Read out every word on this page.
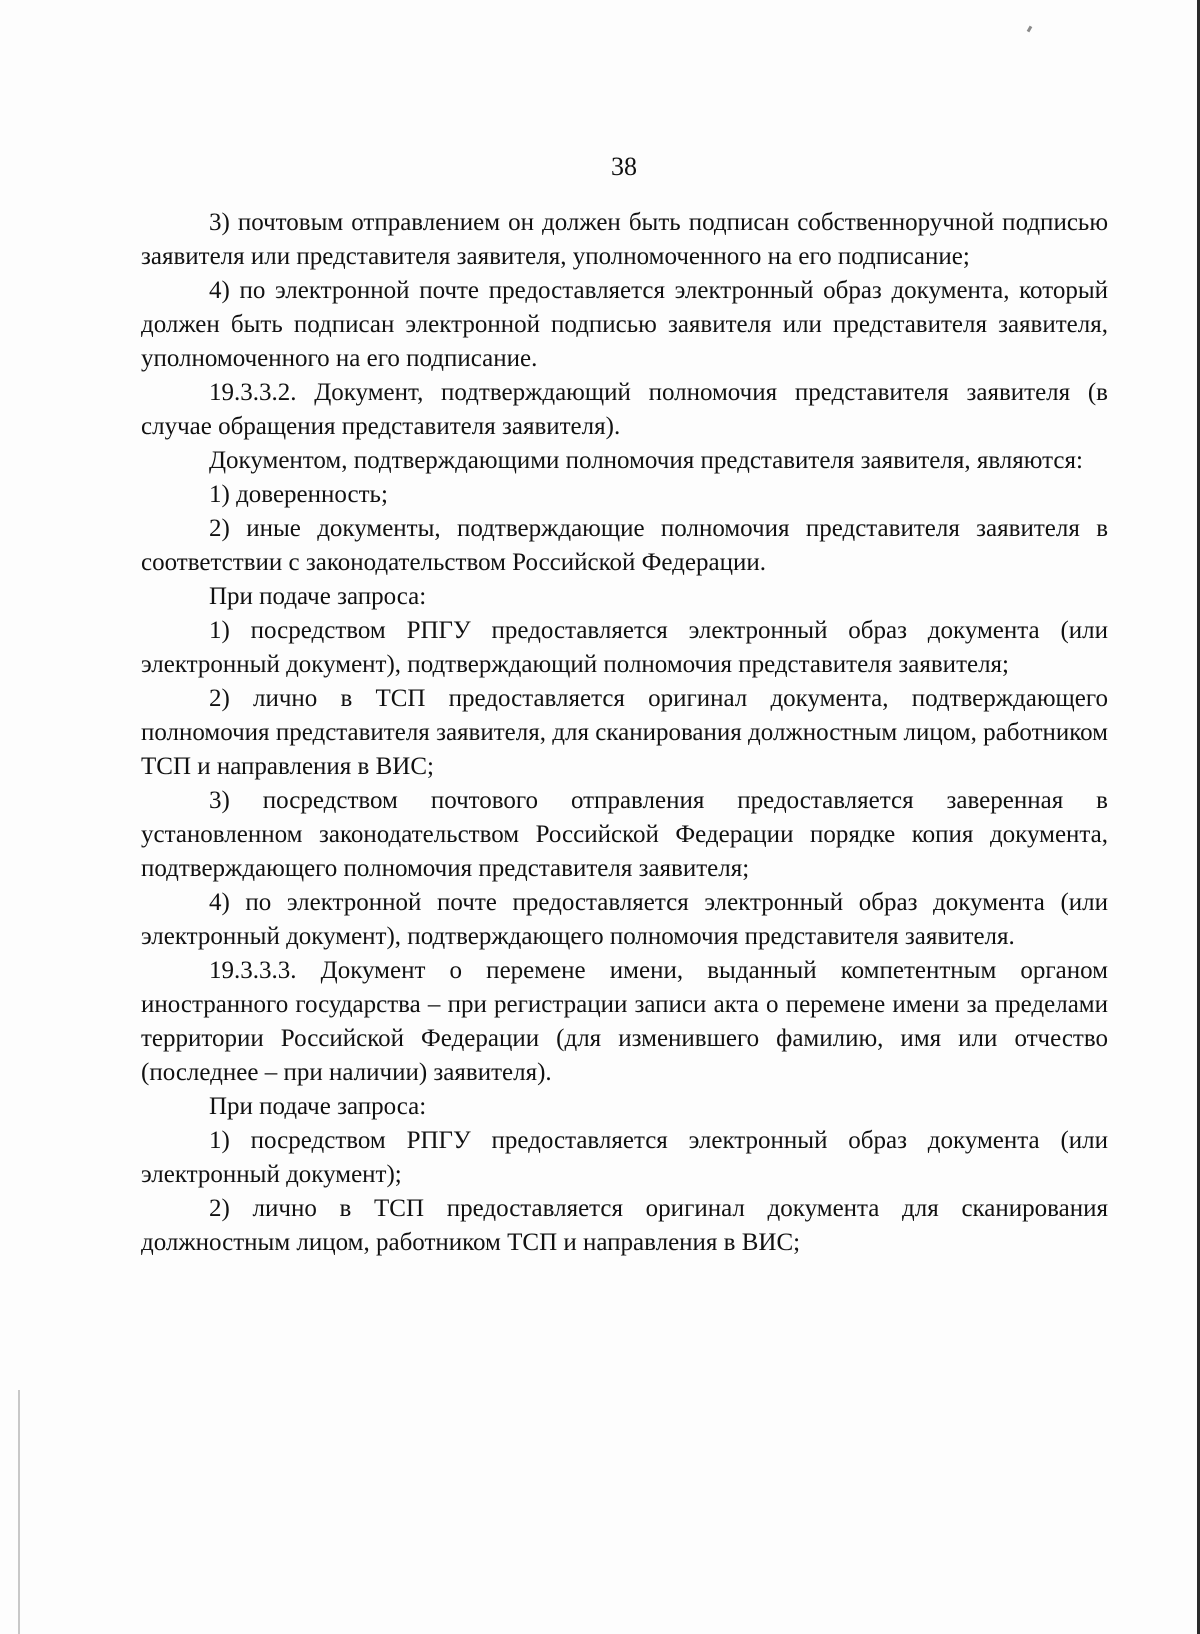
38

3) почтовым отправлением он должен быть подписан собственноручной подписью заявителя или представителя заявителя, уполномоченного на его подписание;

4) по электронной почте предоставляется электронный образ документа, который должен быть подписан электронной подписью заявителя или представителя заявителя, уполномоченного на его подписание.

19.3.3.2. Документ, подтверждающий полномочия представителя заявителя (в случае обращения представителя заявителя).

Документом, подтверждающими полномочия представителя заявителя, являются:

1) доверенность;

2) иные документы, подтверждающие полномочия представителя заявителя в соответствии с законодательством Российской Федерации.

При подаче запроса:

1) посредством РПГУ предоставляется электронный образ документа (или электронный документ), подтверждающий полномочия представителя заявителя;

2) лично в ТСП предоставляется оригинал документа, подтверждающего полномочия представителя заявителя, для сканирования должностным лицом, работником ТСП и направления в ВИС;

3) посредством почтового отправления предоставляется заверенная в установленном законодательством Российской Федерации порядке копия документа, подтверждающего полномочия представителя заявителя;

4) по электронной почте предоставляется электронный образ документа (или электронный документ), подтверждающего полномочия представителя заявителя.

19.3.3.3. Документ о перемене имени, выданный компетентным органом иностранного государства – при регистрации записи акта о перемене имени за пределами территории Российской Федерации (для изменившего фамилию, имя или отчество (последнее – при наличии) заявителя).

При подаче запроса:

1) посредством РПГУ предоставляется электронный образ документа (или электронный документ);

2) лично в ТСП предоставляется оригинал документа для сканирования должностным лицом, работником ТСП и направления в ВИС;
